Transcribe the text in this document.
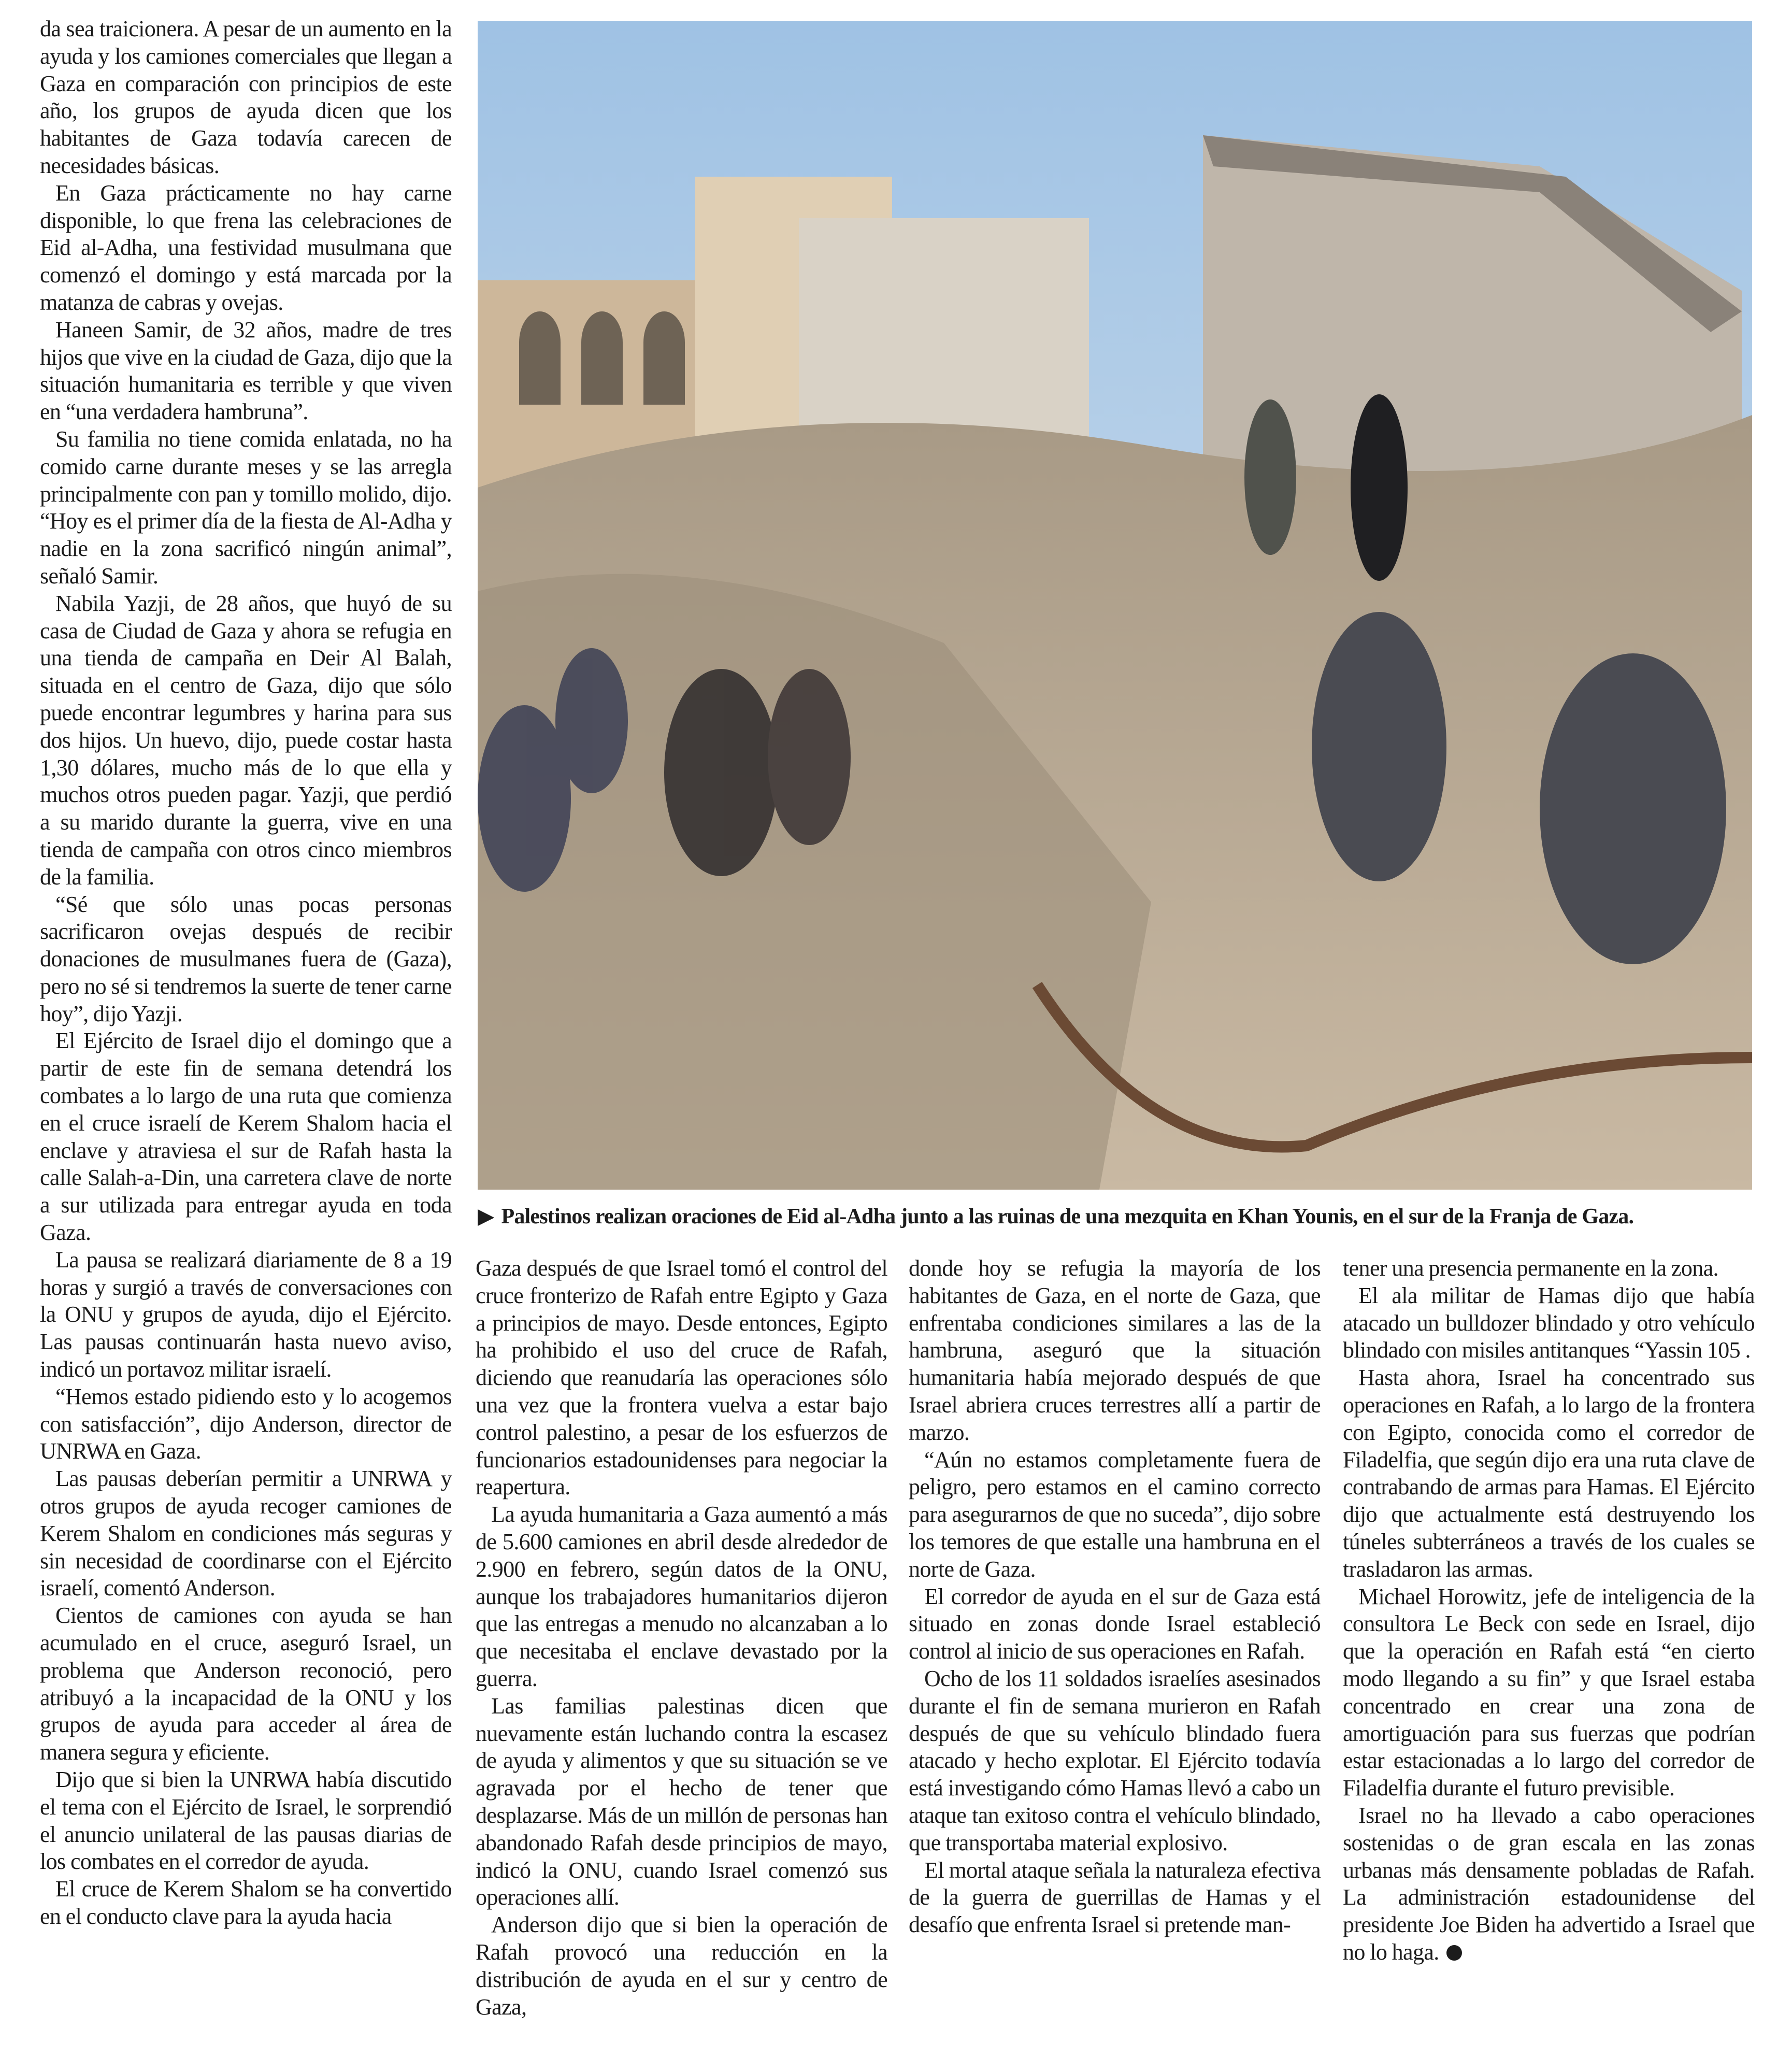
da sea traicionera. A pesar de un aumento en la ayuda y los camiones comerciales que llegan a Gaza en comparación con principios de este año, los grupos de ayuda dicen que los habitantes de Gaza todavía carecen de necesidades básicas.

En Gaza prácticamente no hay carne disponible, lo que frena las celebraciones de Eid al-Adha, una festividad musulmana que comenzó el domingo y está marcada por la matanza de cabras y ovejas.

Haneen Samir, de 32 años, madre de tres hijos que vive en la ciudad de Gaza, dijo que la situación humanitaria es terrible y que viven en “una verdadera hambruna”.

Su familia no tiene comida enlatada, no ha comido carne durante meses y se las arregla principalmente con pan y tomillo molido, dijo. “Hoy es el primer día de la fiesta de Al-Adha y nadie en la zona sacrificó ningún animal”, señaló Samir.

Nabila Yazji, de 28 años, que huyó de su casa de Ciudad de Gaza y ahora se refugia en una tienda de campaña en Deir Al Balah, situada en el centro de Gaza, dijo que sólo puede encontrar legumbres y harina para sus dos hijos. Un huevo, dijo, puede costar hasta 1,30 dólares, mucho más de lo que ella y muchos otros pueden pagar. Yazji, que perdió a su marido durante la guerra, vive en una tienda de campaña con otros cinco miembros de la familia.

“Sé que sólo unas pocas personas sacrificaron ovejas después de recibir donaciones de musulmanes fuera de (Gaza), pero no sé si tendremos la suerte de tener carne hoy”, dijo Yazji.

El Ejército de Israel dijo el domingo que a partir de este fin de semana detendrá los combates a lo largo de una ruta que comienza en el cruce israelí de Kerem Shalom hacia el enclave y atraviesa el sur de Rafah hasta la calle Salah-a-Din, una carretera clave de norte a sur utilizada para entregar ayuda en toda Gaza.

La pausa se realizará diariamente de 8 a 19 horas y surgió a través de conversaciones con la ONU y grupos de ayuda, dijo el Ejército. Las pausas continuarán hasta nuevo aviso, indicó un portavoz militar israelí.

“Hemos estado pidiendo esto y lo acogemos con satisfacción”, dijo Anderson, director de UNRWA en Gaza.

Las pausas deberían permitir a UNRWA y otros grupos de ayuda recoger camiones de Kerem Shalom en condiciones más seguras y sin necesidad de coordinarse con el Ejército israelí, comentó Anderson.

Cientos de camiones con ayuda se han acumulado en el cruce, aseguró Israel, un problema que Anderson reconoció, pero atribuyó a la incapacidad de la ONU y los grupos de ayuda para acceder al área de manera segura y eficiente.

Dijo que si bien la UNRWA había discutido el tema con el Ejército de Israel, le sorprendió el anuncio unilateral de las pausas diarias de los combates en el corredor de ayuda.

El cruce de Kerem Shalom se ha convertido en el conducto clave para la ayuda hacia

▶ Palestinos realizan oraciones de Eid al-Adha junto a las ruinas de una mezquita en Khan Younis, en el sur de la Franja de Gaza.

Gaza después de que Israel tomó el control del cruce fronterizo de Rafah entre Egipto y Gaza a principios de mayo. Desde entonces, Egipto ha prohibido el uso del cruce de Rafah, diciendo que reanudaría las operaciones sólo una vez que la frontera vuelva a estar bajo control palestino, a pesar de los esfuerzos de funcionarios estadounidenses para negociar la reapertura.

La ayuda humanitaria a Gaza aumentó a más de 5.600 camiones en abril desde alrededor de 2.900 en febrero, según datos de la ONU, aunque los trabajadores humanitarios dijeron que las entregas a menudo no alcanzaban a lo que necesitaba el enclave devastado por la guerra.

Las familias palestinas dicen que nuevamente están luchando contra la escasez de ayuda y alimentos y que su situación se ve agravada por el hecho de tener que desplazarse. Más de un millón de personas han abandonado Rafah desde principios de mayo, indicó la ONU, cuando Israel comenzó sus operaciones allí.

Anderson dijo que si bien la operación de Rafah provocó una reducción en la distribución de ayuda en el sur y centro de Gaza,

donde hoy se refugia la mayoría de los habitantes de Gaza, en el norte de Gaza, que enfrentaba condiciones similares a las de la hambruna, aseguró que la situación humanitaria había mejorado después de que Israel abriera cruces terrestres allí a partir de marzo.

“Aún no estamos completamente fuera de peligro, pero estamos en el camino correcto para asegurarnos de que no suceda”, dijo sobre los temores de que estalle una hambruna en el norte de Gaza.

El corredor de ayuda en el sur de Gaza está situado en zonas donde Israel estableció control al inicio de sus operaciones en Rafah.

Ocho de los 11 soldados israelíes asesinados durante el fin de semana murieron en Rafah después de que su vehículo blindado fuera atacado y hecho explotar. El Ejército todavía está investigando cómo Hamas llevó a cabo un ataque tan exitoso contra el vehículo blindado, que transportaba material explosivo.

El mortal ataque señala la naturaleza efectiva de la guerra de guerrillas de Hamas y el desafío que enfrenta Israel si pretende man-

tener una presencia permanente en la zona.

El ala militar de Hamas dijo que había atacado un bulldozer blindado y otro vehículo blindado con misiles antitanques “Yassin 105 .

Hasta ahora, Israel ha concentrado sus operaciones en Rafah, a lo largo de la frontera con Egipto, conocida como el corredor de Filadelfia, que según dijo era una ruta clave de contrabando de armas para Hamas. El Ejército dijo que actualmente está destruyendo los túneles subterráneos a través de los cuales se trasladaron las armas.

Michael Horowitz, jefe de inteligencia de la consultora Le Beck con sede en Israel, dijo que la operación en Rafah está “en cierto modo llegando a su fin” y que Israel estaba concentrado en crear una zona de amortiguación para sus fuerzas que podrían estar estacionadas a lo largo del corredor de Filadelfia durante el futuro previsible.

Israel no ha llevado a cabo operaciones sostenidas o de gran escala en las zonas urbanas más densamente pobladas de Rafah. La administración estadounidense del presidente Joe Biden ha advertido a Israel que no lo haga.
